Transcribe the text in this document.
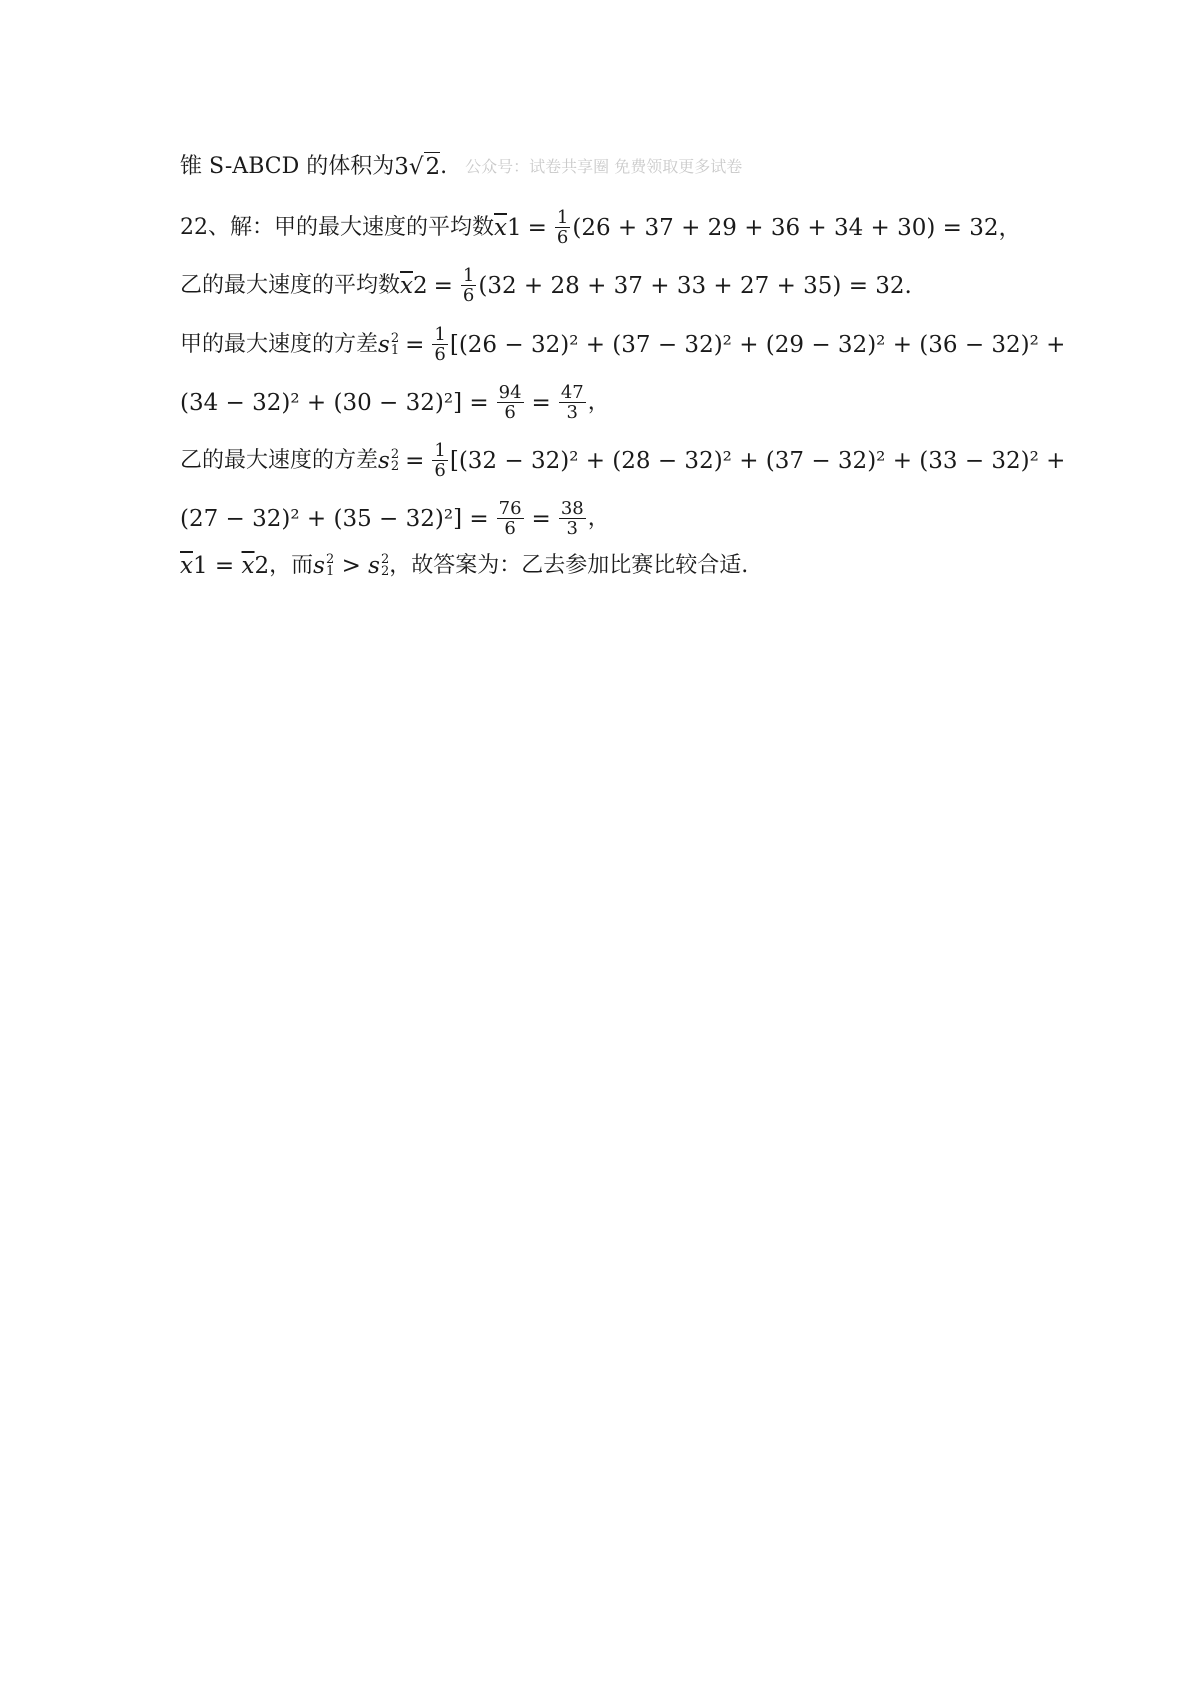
锥 S-ABCD 的体积为 3 √ 2 . 公众号：试卷共享圈 免费领取更多试卷
22、解：甲的最大速度的平均数 $\overline{x}$ $1 = \frac{1}{6} (26 + 37 + 29 + 36 + 34 + 30) = 32$，
乙的最大速度的平均数 $\overline{x}$ $2 = \frac{1}{6} (32 + 28 + 37 + 33 + 27 + 35) = 32$.
甲的最大速度的方差 s 2
$1 = \frac{1}{6} [(26 - 32)^2 + (37 - 32)^2 + (29 - 32)^2 + (36 - 32)^2$ +
$(34 - 32)^2 + (30 - 32)^2] = \frac{94}{6} = \frac{47}{3}$ ，
乙的最大速度的方差 s 2
$2 = \frac{1}{6} [(32 - 32)^2 + (28 - 32)^2 + (37 - 32)^2 + (33 - 32)^2$ +
$(27 - 32)^2 + (35 - 32)^2] = \frac{76}{6} = \frac{38}{3}$ ，
$\overline{x}$ $1 = \overline{x}$ 2 ，而 s 2
1 > s 2
2 ，故答案为：乙去参加比赛比较合适.
